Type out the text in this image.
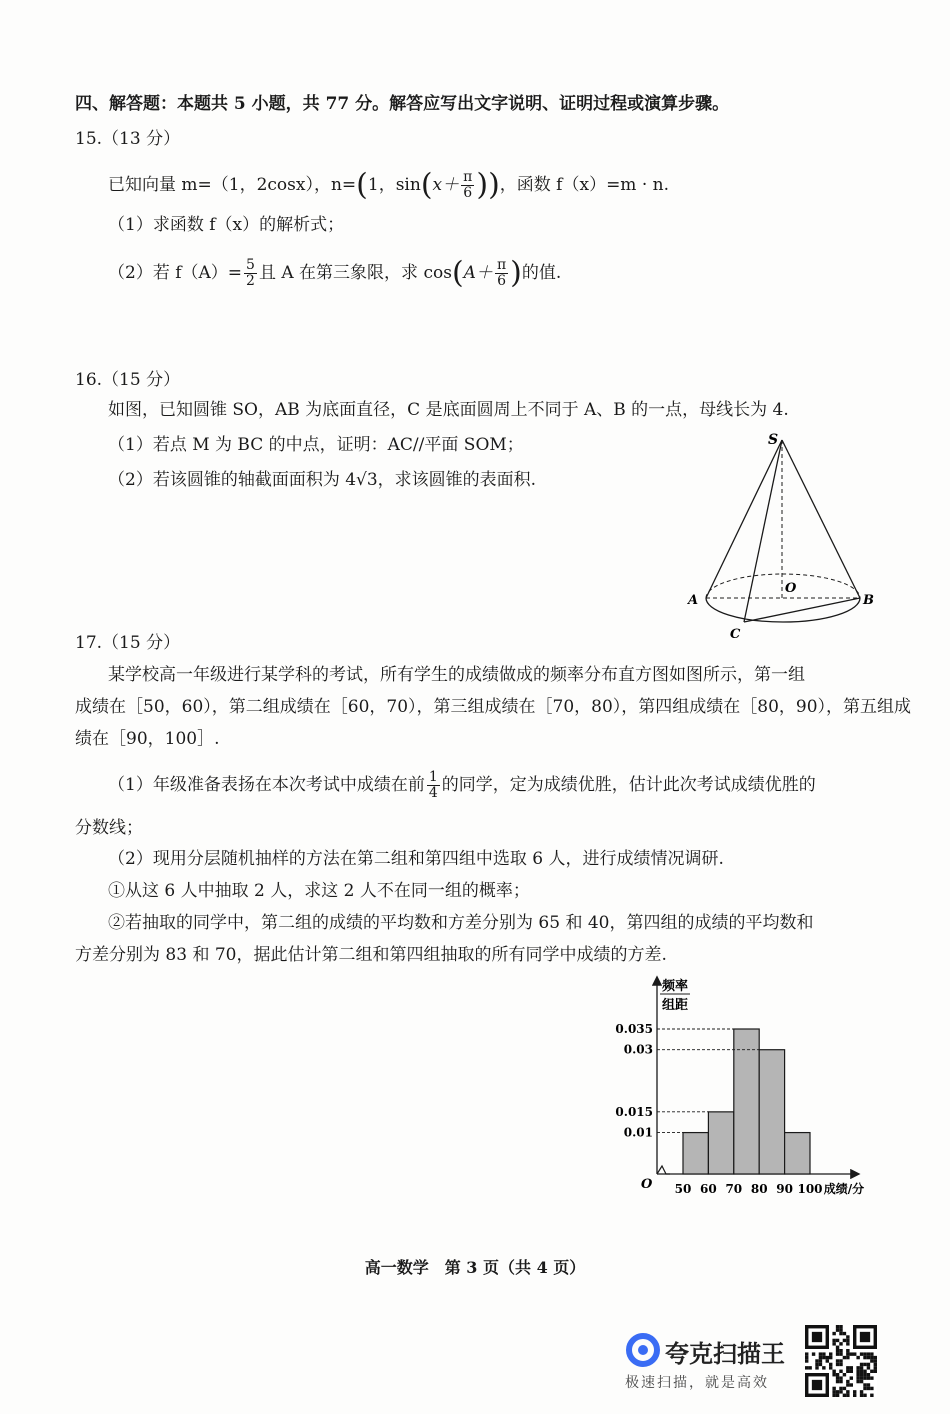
四、解答题：本题共 5 小题，共 77 分。解答应写出文字说明、证明过程或演算步骤。
15.（13 分）
已知向量 m=（1，2cosx），n=(1，$\sin(x+ \frac{\pi}{6}$ ))，函数 f（x）=m · n.
（1）求函数 f（x）的解析式；
（2）若 $f(A)= \frac{5}{2}$ 且 A 在第三象限，求 $\cos(A+ \frac{\pi}{6}$ )的值.
16.（15 分）
如图，已知圆锥 SO，AB 为底面直径，C 是底面圆周上不同于 A、B 的一点，母线长为 4.
（1）若点 M 为 BC 的中点，证明：AC//平面 SOM；
（2）若该圆锥的轴截面面积为 4√3，求该圆锥的表面积.
S
O
A	B
C
17.（15 分）
某学校高一年级进行某学科的考试，所有学生的成绩做成的频率分布直方图如图所示，第一组
成绩在［50，60），第二组成绩在［60，70），第三组成绩在［70，80），第四组成绩在［80，90），第五组成
绩在［90，100］.
（1）年级准备表扬在本次考试中成绩在前 $\frac{1}{4}$ 的同学，定为成绩优胜，估计此次考试成绩优胜的
分数线；
（2）现用分层随机抽样的方法在第二组和第四组中选取 6 人，进行成绩情况调研.
①从这 6 人中抽取 2 人，求这 2 人不在同一组的概率；
②若抽取的同学中，第二组的成绩的平均数和方差分别为 65 和 40，第四组的成绩的平均数和
方差分别为 83 和 70，据此估计第二组和第四组抽取的所有同学中成绩的方差.
0.035
0.03
0.015
0.01
50 60 70 80 90 100
O	成绩/分
频率
组距
高一数学　第 3 页（共 4 页）
夸克扫描王
极速扫描，就是高效
